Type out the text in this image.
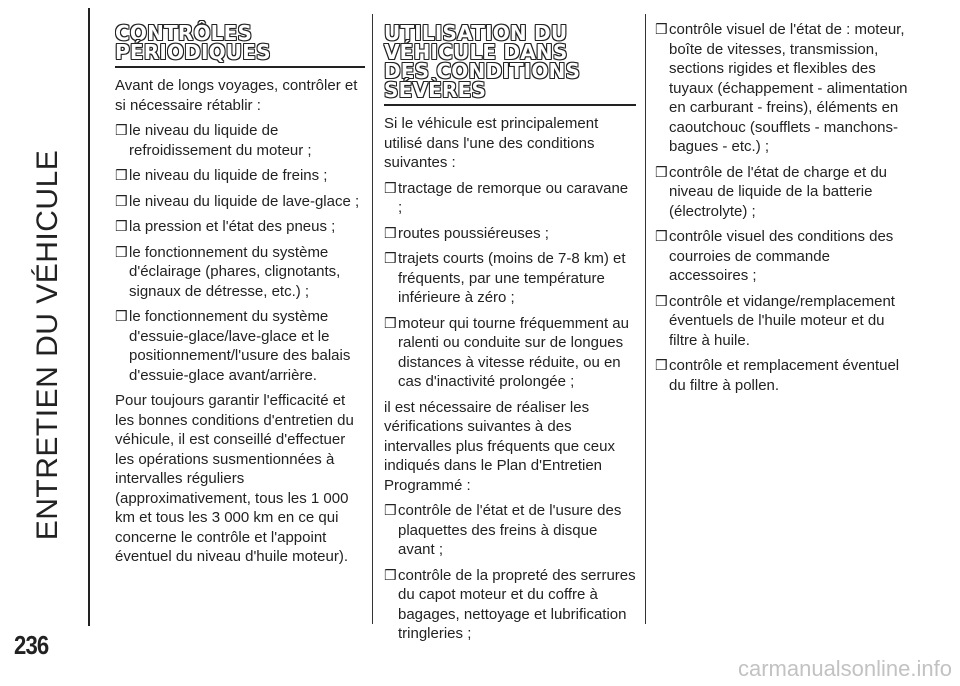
ENTRETIEN DU VÉHICULE
236
CONTRÔLES
PÉRIODIQUES

Avant de longs voyages, contrôler et si nécessaire rétablir :

❒ le niveau du liquide de refroidissement du moteur ;
❒ le niveau du liquide de freins ;
❒ le niveau du liquide de lave-glace ;
❒ la pression et l'état des pneus ;
❒ le fonctionnement du système d'éclairage (phares, clignotants, signaux de détresse, etc.) ;
❒ le fonctionnement du système d'essuie-glace/lave-glace et le positionnement/l'usure des balais d'essuie-glace avant/arrière.

Pour toujours garantir l'efficacité et les bonnes conditions d'entretien du véhicule, il est conseillé d'effectuer les opérations susmentionnées à intervalles réguliers (approximativement, tous les 1 000 km et tous les 3 000 km en ce qui concerne le contrôle et l'appoint éventuel du niveau d'huile moteur).

UTILISATION DU
VÉHICULE DANS
DES CONDITIONS
SÉVÈRES

Si le véhicule est principalement utilisé dans l'une des conditions suivantes :

❒ tractage de remorque ou caravane ;
❒ routes poussiéreuses ;
❒ trajets courts (moins de 7-8 km) et fréquents, par une température inférieure à zéro ;
❒ moteur qui tourne fréquemment au ralenti ou conduite sur de longues distances à vitesse réduite, ou en cas d'inactivité prolongée ;

il est nécessaire de réaliser les vérifications suivantes à des intervalles plus fréquents que ceux indiqués dans le Plan d'Entretien Programmé :

❒ contrôle de l'état et de l'usure des plaquettes des freins à disque avant ;
❒ contrôle de la propreté des serrures du capot moteur et du coffre à bagages, nettoyage et lubrification tringleries ;
❒ contrôle visuel de l'état de : moteur, boîte de vitesses, transmission, sections rigides et flexibles des tuyaux (échappement - alimentation en carburant - freins), éléments en caoutchouc (soufflets - manchons- bagues - etc.) ;
❒ contrôle de l'état de charge et du niveau de liquide de la batterie (électrolyte) ;
❒ contrôle visuel des conditions des courroies de commande accessoires ;
❒ contrôle et vidange/remplacement éventuels de l'huile moteur et du filtre à huile.
❒ contrôle et remplacement éventuel du filtre à pollen.
carmanualsonline.info
